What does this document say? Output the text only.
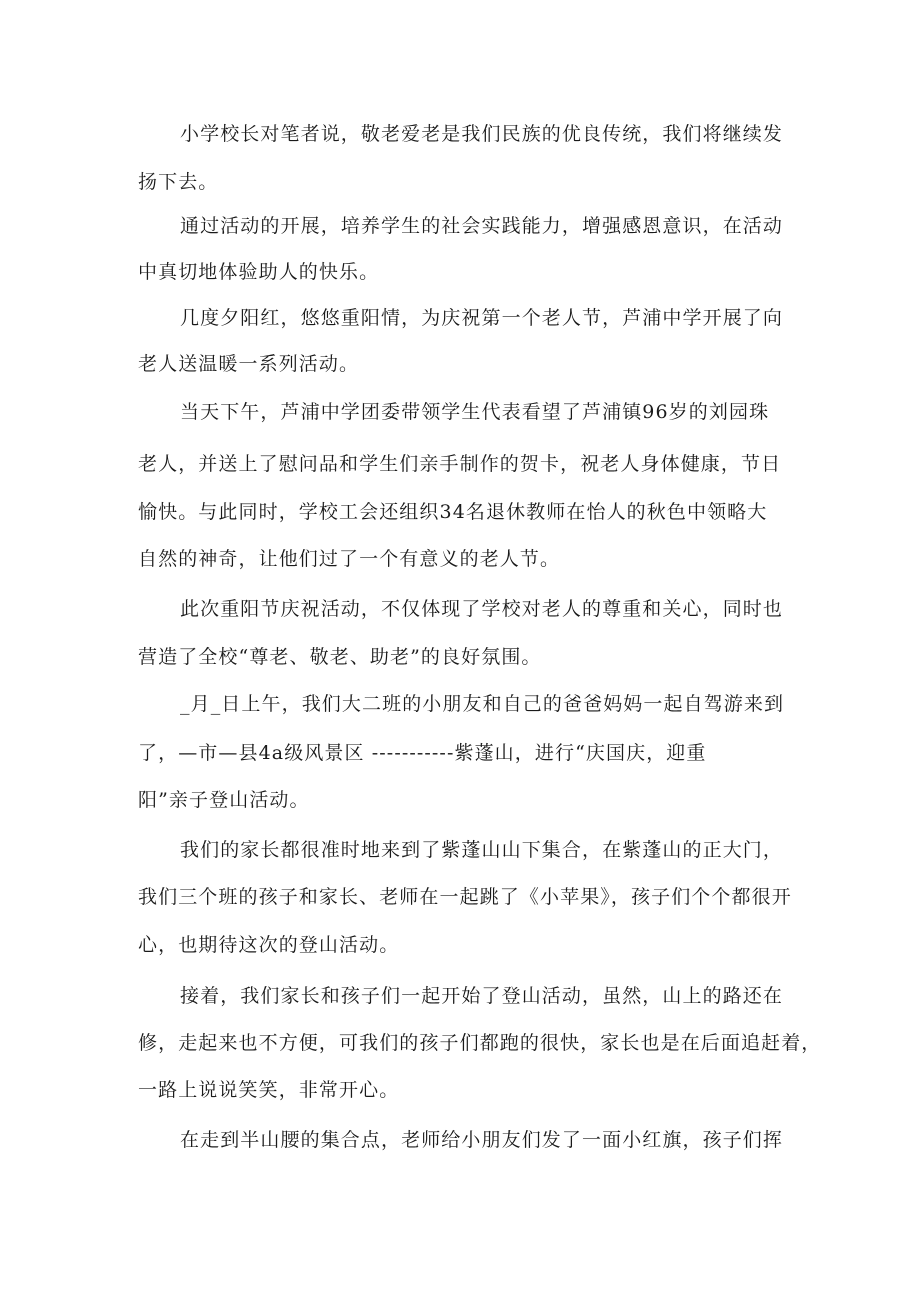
小学校长对笔者说，敬老爱老是我们民族的优良传统，我们将继续发
扬下去。
通过活动的开展，培养学生的社会实践能力，增强感恩意识，在活动
中真切地体验助人的快乐。
几度夕阳红，悠悠重阳情，为庆祝第一个老人节，芦浦中学开展了向
老人送温暖一系列活动。
当天下午，芦浦中学团委带领学生代表看望了芦浦镇96岁的刘园珠
老人，并送上了慰问品和学生们亲手制作的贺卡，祝老人身体健康，节日
愉快。与此同时，学校工会还组织34名退休教师在怡人的秋色中领略大
自然的神奇，让他们过了一个有意义的老人节。
此次重阳节庆祝活动，不仅体现了学校对老人的尊重和关心，同时也
营造了全校“尊老、敬老、助老”的良好氛围。
_月_日上午，我们大二班的小朋友和自己的爸爸妈妈一起自驾游来到
了，—市—县4a级风景区 -----------紫蓬山，进行“庆国庆，迎重
阳”亲子登山活动。
我们的家长都很准时地来到了紫蓬山山下集合，在紫蓬山的正大门，
我们三个班的孩子和家长、老师在一起跳了《小苹果》，孩子们个个都很开
心，也期待这次的登山活动。
接着，我们家长和孩子们一起开始了登山活动，虽然，山上的路还在
修，走起来也不方便，可我们的孩子们都跑的很快，家长也是在后面追赶着，
一路上说说笑笑，非常开心。
在走到半山腰的集合点，老师给小朋友们发了一面小红旗，孩子们挥
